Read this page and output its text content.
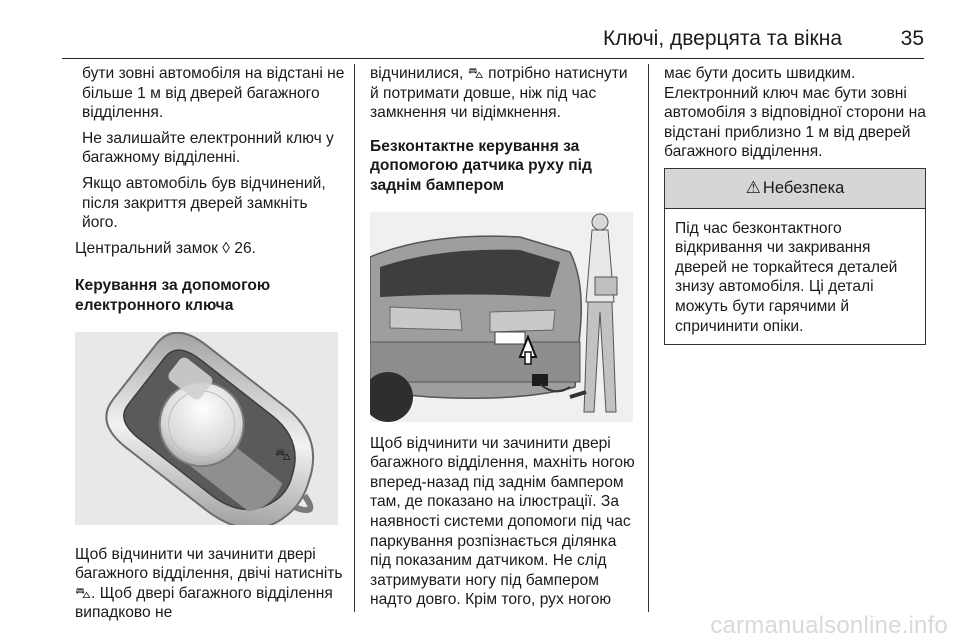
Ключі, дверцята та вікна	35

бути зовні автомобіля на відстані не більше 1 м від дверей багажного відділення.

Не залишайте електронний ключ у багажному відділенні.

Якщо автомобіль був відчинений, після закриття дверей замкніть його.

Центральний замок ◊ 26.

Керування за допомогою електронного ключа

⛍

Щоб відчинити чи зачинити двері багажного відділення, двічі натисніть ⛍. Щоб двері багажного відділення випадково не

відчинилися, ⛍ потрібно натиснути й потримати довше, ніж під час замкнення чи відімкнення.

Безконтактне керування за допомогою датчика руху під заднім бампером

Щоб відчинити чи зачинити двері багажного відділення, махніть ногою вперед-назад під заднім бампером там, де показано на ілюстрації. За наявності системи допомоги під час паркування розпізнається ділянка під показаним датчиком. Не слід затримувати ногу під бампером надто довго. Крім того, рух ногою

має бути досить швидким. Електронний ключ має бути зовні автомобіля з відповідної сторони на відстані приблизно 1 м від дверей багажного відділення.

⚠ Небезпека
Під час безконтактного відкривання чи закривання дверей не торкайтеся деталей знизу автомобіля. Ці деталі можуть бути гарячими й спричинити опіки.
carmanualsonline.info
